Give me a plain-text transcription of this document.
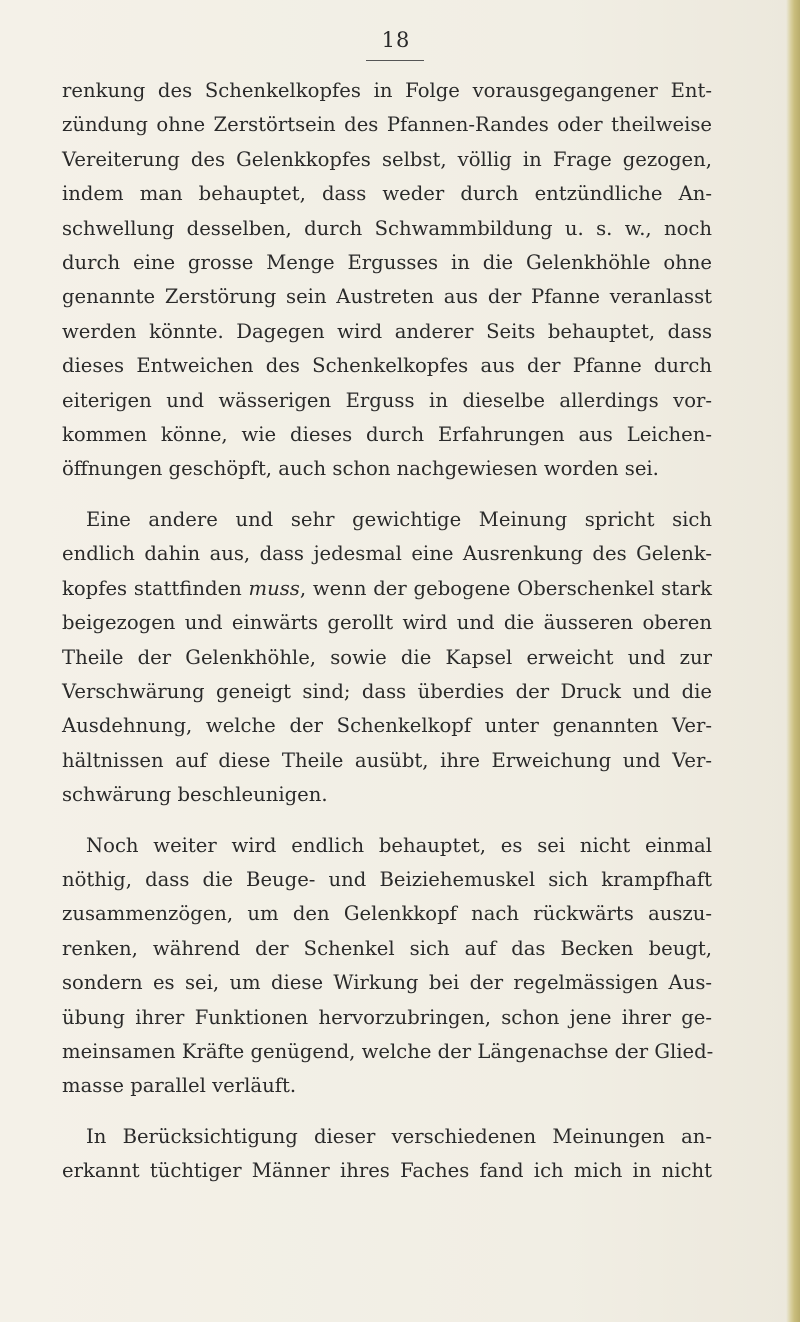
18

renkung des Schenkelkopfes in Folge vorausgegangener Ent-
zündung ohne Zerstörtsein des Pfannen-Randes oder theilweise
Vereiterung des Gelenkkopfes selbst, völlig in Frage gezogen,
indem man behauptet, dass weder durch entzündliche An-
schwellung desselben, durch Schwammbildung u. s. w., noch
durch eine grosse Menge Ergusses in die Gelenkhöhle ohne
genannte Zerstörung sein Austreten aus der Pfanne veranlasst
werden könnte. Dagegen wird anderer Seits behauptet, dass
dieses Entweichen des Schenkelkopfes aus der Pfanne durch
eiterigen und wässerigen Erguss in dieselbe allerdings vor-
kommen könne, wie dieses durch Erfahrungen aus Leichen-
öffnungen geschöpft, auch schon nachgewiesen worden sei.

Eine andere und sehr gewichtige Meinung spricht sich
endlich dahin aus, dass jedesmal eine Ausrenkung des Gelenk-
kopfes stattfinden muss, wenn der gebogene Oberschenkel stark
beigezogen und einwärts gerollt wird und die äusseren oberen
Theile der Gelenkhöhle, sowie die Kapsel erweicht und zur
Verschwärung geneigt sind; dass überdies der Druck und die
Ausdehnung, welche der Schenkelkopf unter genannten Ver-
hältnissen auf diese Theile ausübt, ihre Erweichung und Ver-
schwärung beschleunigen.

Noch weiter wird endlich behauptet, es sei nicht einmal
nöthig, dass die Beuge- und Beiziehemuskel sich krampfhaft
zusammenzögen, um den Gelenkkopf nach rückwärts auszu-
renken, während der Schenkel sich auf das Becken beugt,
sondern es sei, um diese Wirkung bei der regelmässigen Aus-
übung ihrer Funktionen hervorzubringen, schon jene ihrer ge-
meinsamen Kräfte genügend, welche der Längenachse der Glied-
masse parallel verläuft.

In Berücksichtigung dieser verschiedenen Meinungen an-
erkannt tüchtiger Männer ihres Faches fand ich mich in nicht
